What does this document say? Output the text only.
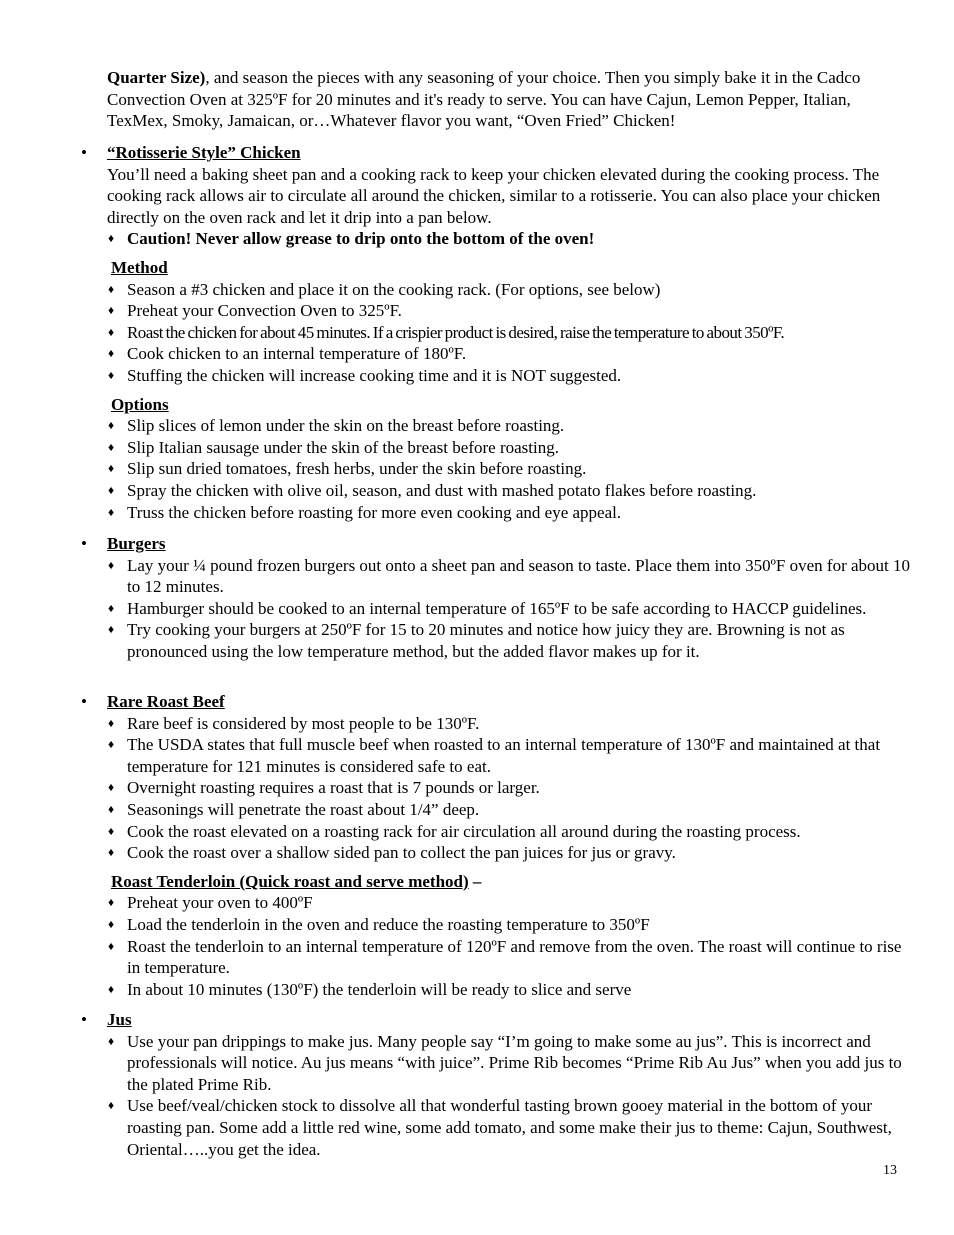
Quarter Size), and season the pieces with any seasoning of your choice. Then you simply bake it in the Cadco Convection Oven at 325ºF for 20 minutes and it's ready to serve. You can have Cajun, Lemon Pepper, Italian, TexMex, Smoky, Jamaican, or…Whatever flavor you want, “Oven Fried” Chicken!
•	“Rotisserie Style” Chicken
You’ll need a baking sheet pan and a cooking rack to keep your chicken elevated during the cooking process. The cooking rack allows air to circulate all around the chicken, similar to a rotisserie. You can also place your chicken directly on the oven rack and let it drip into a pan below.
♦ Caution! Never allow grease to drip onto the bottom of the oven!
Method
♦ Season a #3 chicken and place it on the cooking rack. (For options, see below)
♦ Preheat your Convection Oven to 325ºF.
♦ Roast the chicken for about 45 minutes. If a crispier product is desired, raise the temperature to about 350ºF.
♦ Cook chicken to an internal temperature of 180ºF.
♦ Stuffing the chicken will increase cooking time and it is NOT suggested.
Options
♦ Slip slices of lemon under the skin on the breast before roasting.
♦ Slip Italian sausage under the skin of the breast before roasting.
♦ Slip sun dried tomatoes, fresh herbs, under the skin before roasting.
♦ Spray the chicken with olive oil, season, and dust with mashed potato flakes before roasting.
♦ Truss the chicken before roasting for more even cooking and eye appeal.
•	Burgers
♦ Lay your ¼ pound frozen burgers out onto a sheet pan and season to taste. Place them into 350ºF oven for about 10 to 12 minutes.
♦ Hamburger should be cooked to an internal temperature of 165ºF to be safe according to HACCP guidelines.
♦ Try cooking your burgers at 250ºF for 15 to 20 minutes and notice how juicy they are. Browning is not as pronounced using the low temperature method, but the added flavor makes up for it.
•	Rare Roast Beef
♦ Rare beef is considered by most people to be 130ºF.
♦ The USDA states that full muscle beef when roasted to an internal temperature of 130ºF and maintained at that temperature for 121 minutes is considered safe to eat.
♦ Overnight roasting requires a roast that is 7 pounds or larger.
♦ Seasonings will penetrate the roast about 1/4” deep.
♦ Cook the roast elevated on a roasting rack for air circulation all around during the roasting process.
♦ Cook the roast over a shallow sided pan to collect the pan juices for jus or gravy.
Roast Tenderloin (Quick roast and serve method) –
♦ Preheat your oven to 400ºF
♦ Load the tenderloin in the oven and reduce the roasting temperature to 350ºF
♦ Roast the tenderloin to an internal temperature of 120ºF and remove from the oven. The roast will continue to rise in temperature.
♦ In about 10 minutes (130ºF) the tenderloin will be ready to slice and serve
•	Jus
♦ Use your pan drippings to make jus. Many people say “I’m going to make some au jus”. This is incorrect and professionals will notice. Au jus means “with juice”. Prime Rib becomes “Prime Rib Au Jus” when you add jus to the plated Prime Rib.
♦ Use beef/veal/chicken stock to dissolve all that wonderful tasting brown gooey material in the bottom of your roasting pan. Some add a little red wine, some add tomato, and some make their jus to theme: Cajun, Southwest, Oriental…..you get the idea.
13
